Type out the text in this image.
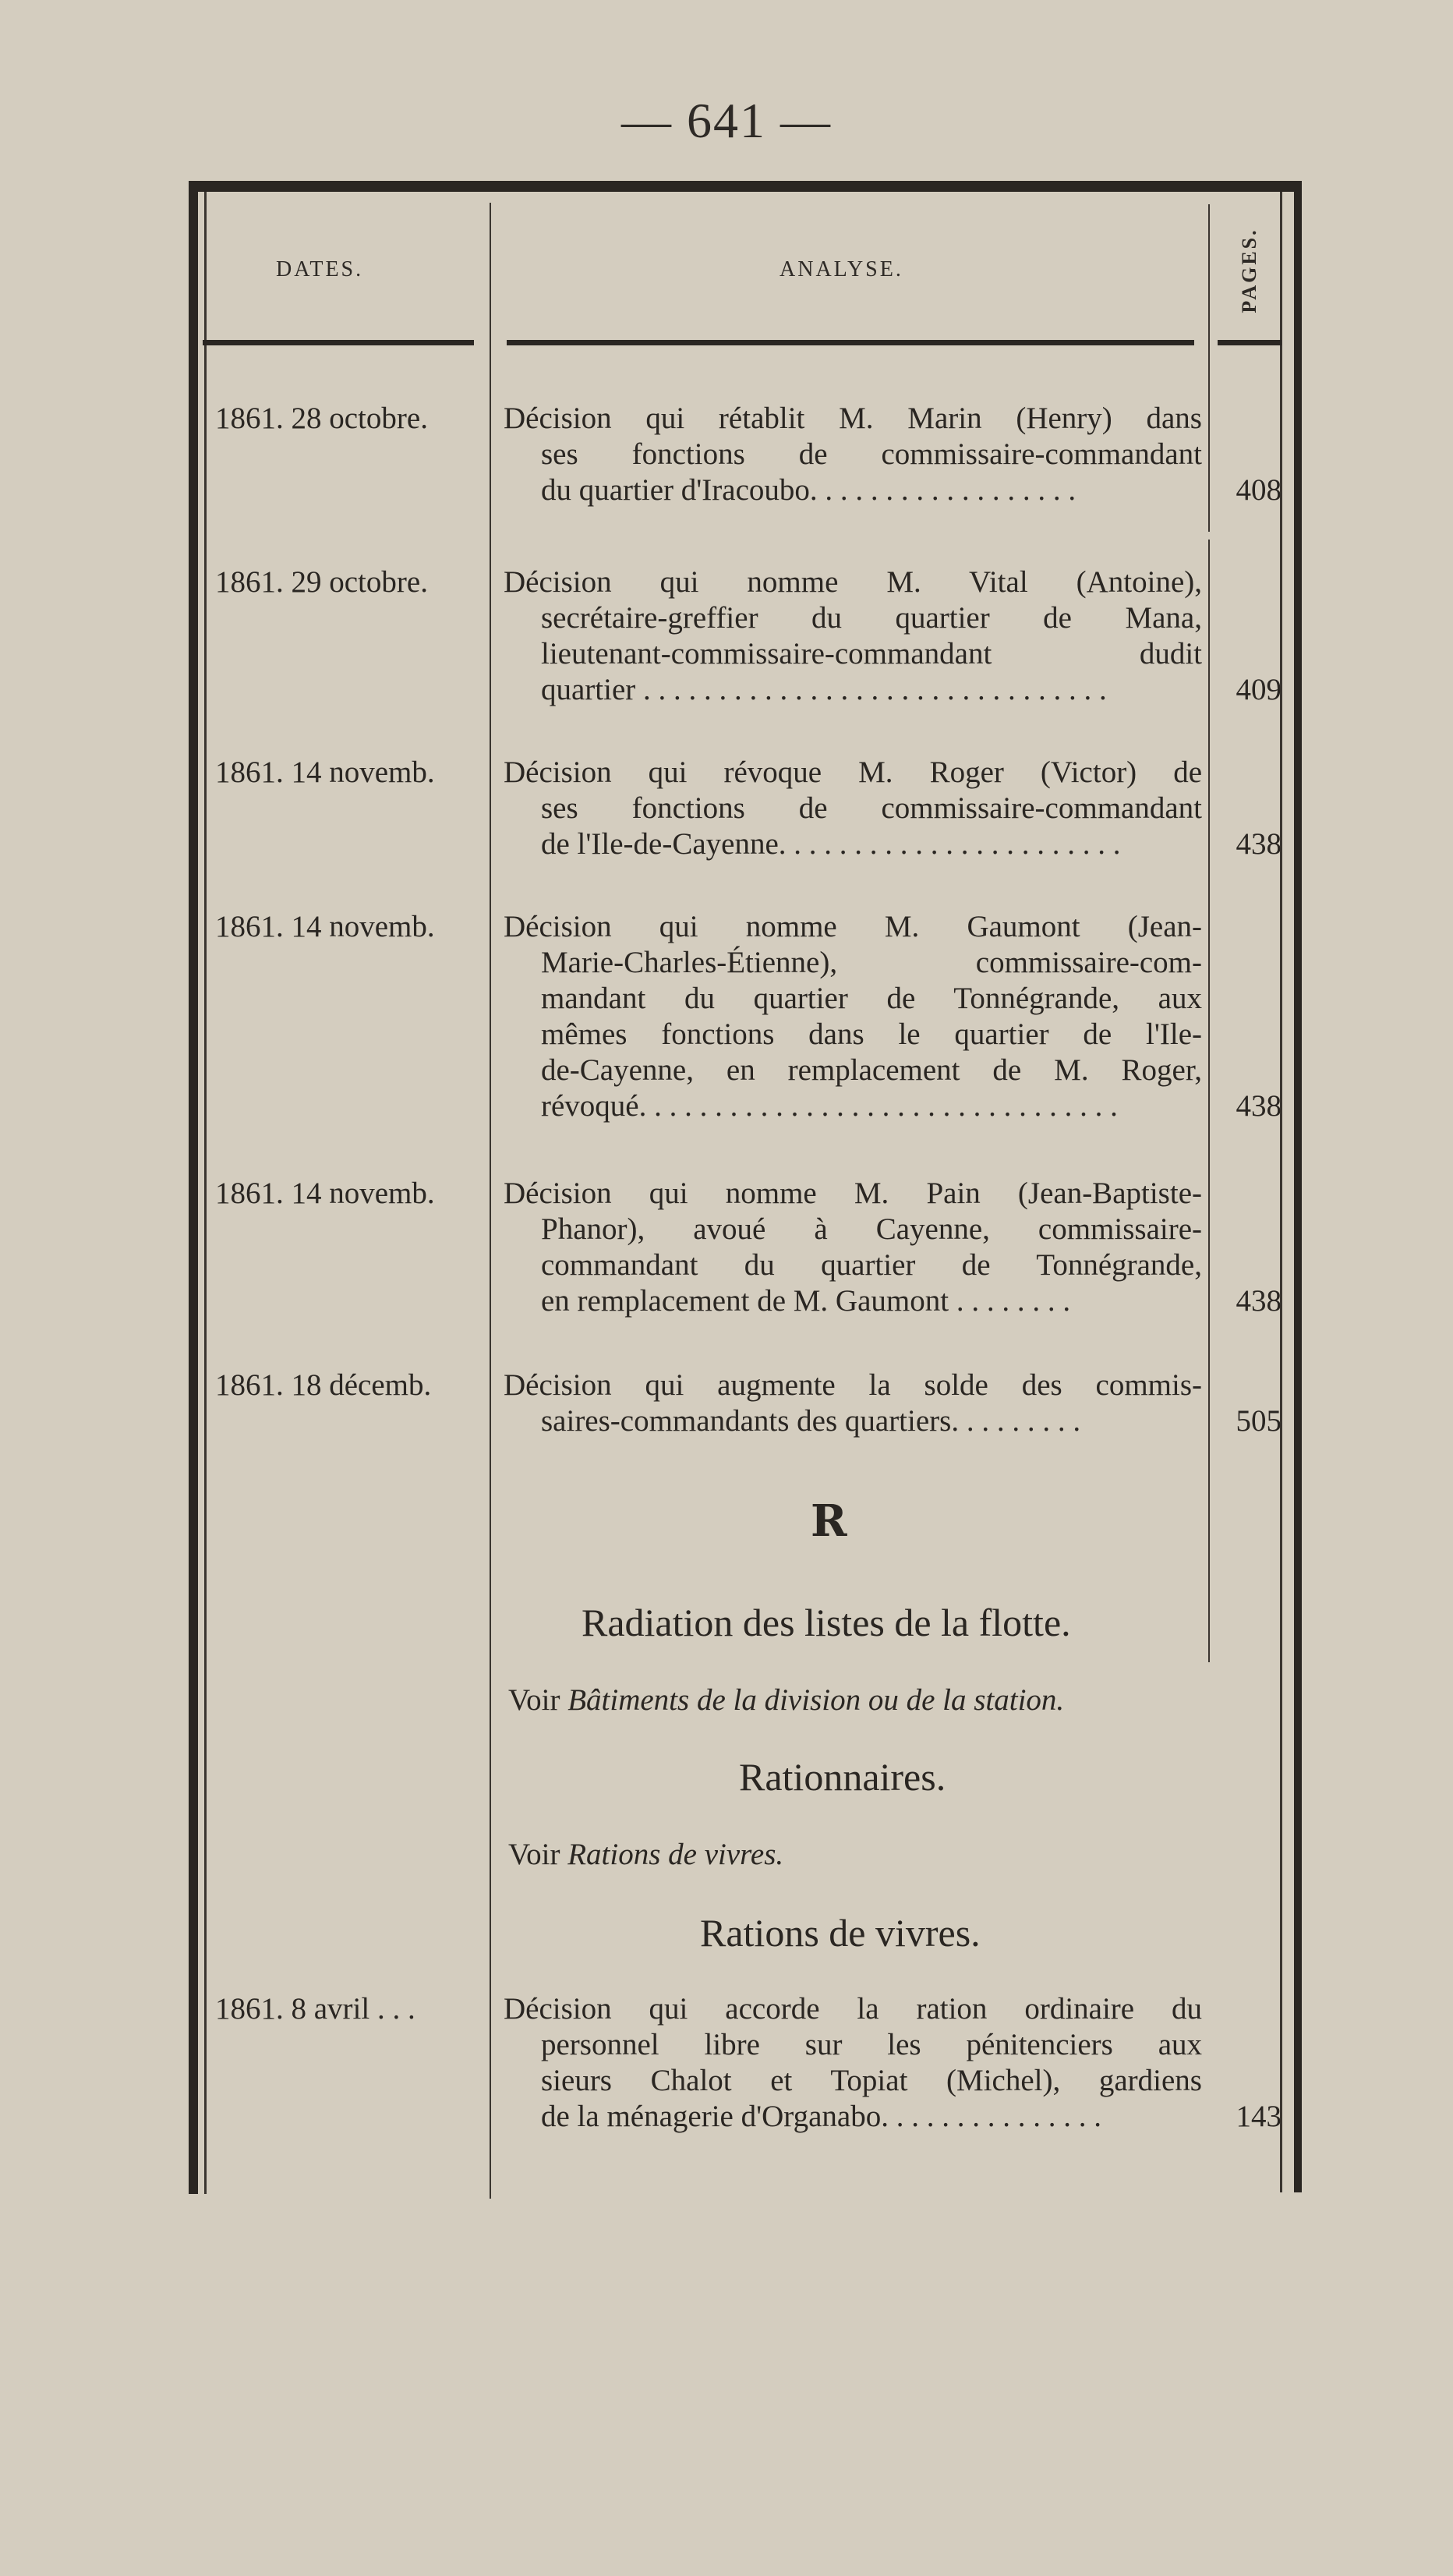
— 641 —
DATES.	ANALYSE.	PAGES.
1861. 28 octobre.	Décision qui rétablit M. Marin (Henry) dans
ses fonctions de commissaire-commandant
du quartier d'Iracoubo. . . . . . . . . . . . . . . . . .	408
1861. 29 octobre.	Décision qui nomme M. Vital (Antoine),
secrétaire-greffier du quartier de Mana,
lieutenant-commissaire-commandant dudit
quartier . . . . . . . . . . . . . . . . . . . . . . . . . . . . . . .	409
1861. 14 novemb.	Décision qui révoque M. Roger (Victor) de
ses fonctions de commissaire-commandant
de l'Ile-de-Cayenne. . . . . . . . . . . . . . . . . . . . . . .	438
1861. 14 novemb.	Décision qui nomme M. Gaumont (Jean-
Marie-Charles-Étienne), commissaire-com-
mandant du quartier de Tonnégrande, aux
mêmes fonctions dans le quartier de l'Ile-
de-Cayenne, en remplacement de M. Roger,
révoqué. . . . . . . . . . . . . . . . . . . . . . . . . . . . . . . .	438
1861. 14 novemb.	Décision qui nomme M. Pain (Jean-Baptiste-
Phanor), avoué à Cayenne, commissaire-
commandant du quartier de Tonnégrande,
en remplacement de M. Gaumont . . . . . . . .	438
1861. 18 décemb.	Décision qui augmente la solde des commis-
saires-commandants des quartiers. . . . . . . . .	505
R
Radiation des listes de la flotte.
Voir Bâtiments de la division ou de la station.
Rationnaires.
Voir Rations de vivres.
Rations de vivres.
1861. 8 avril . . .	Décision qui accorde la ration ordinaire du
personnel libre sur les pénitenciers aux
sieurs Chalot et Topiat (Michel), gardiens
de la ménagerie d'Organabo. . . . . . . . . . . . . . .	143
